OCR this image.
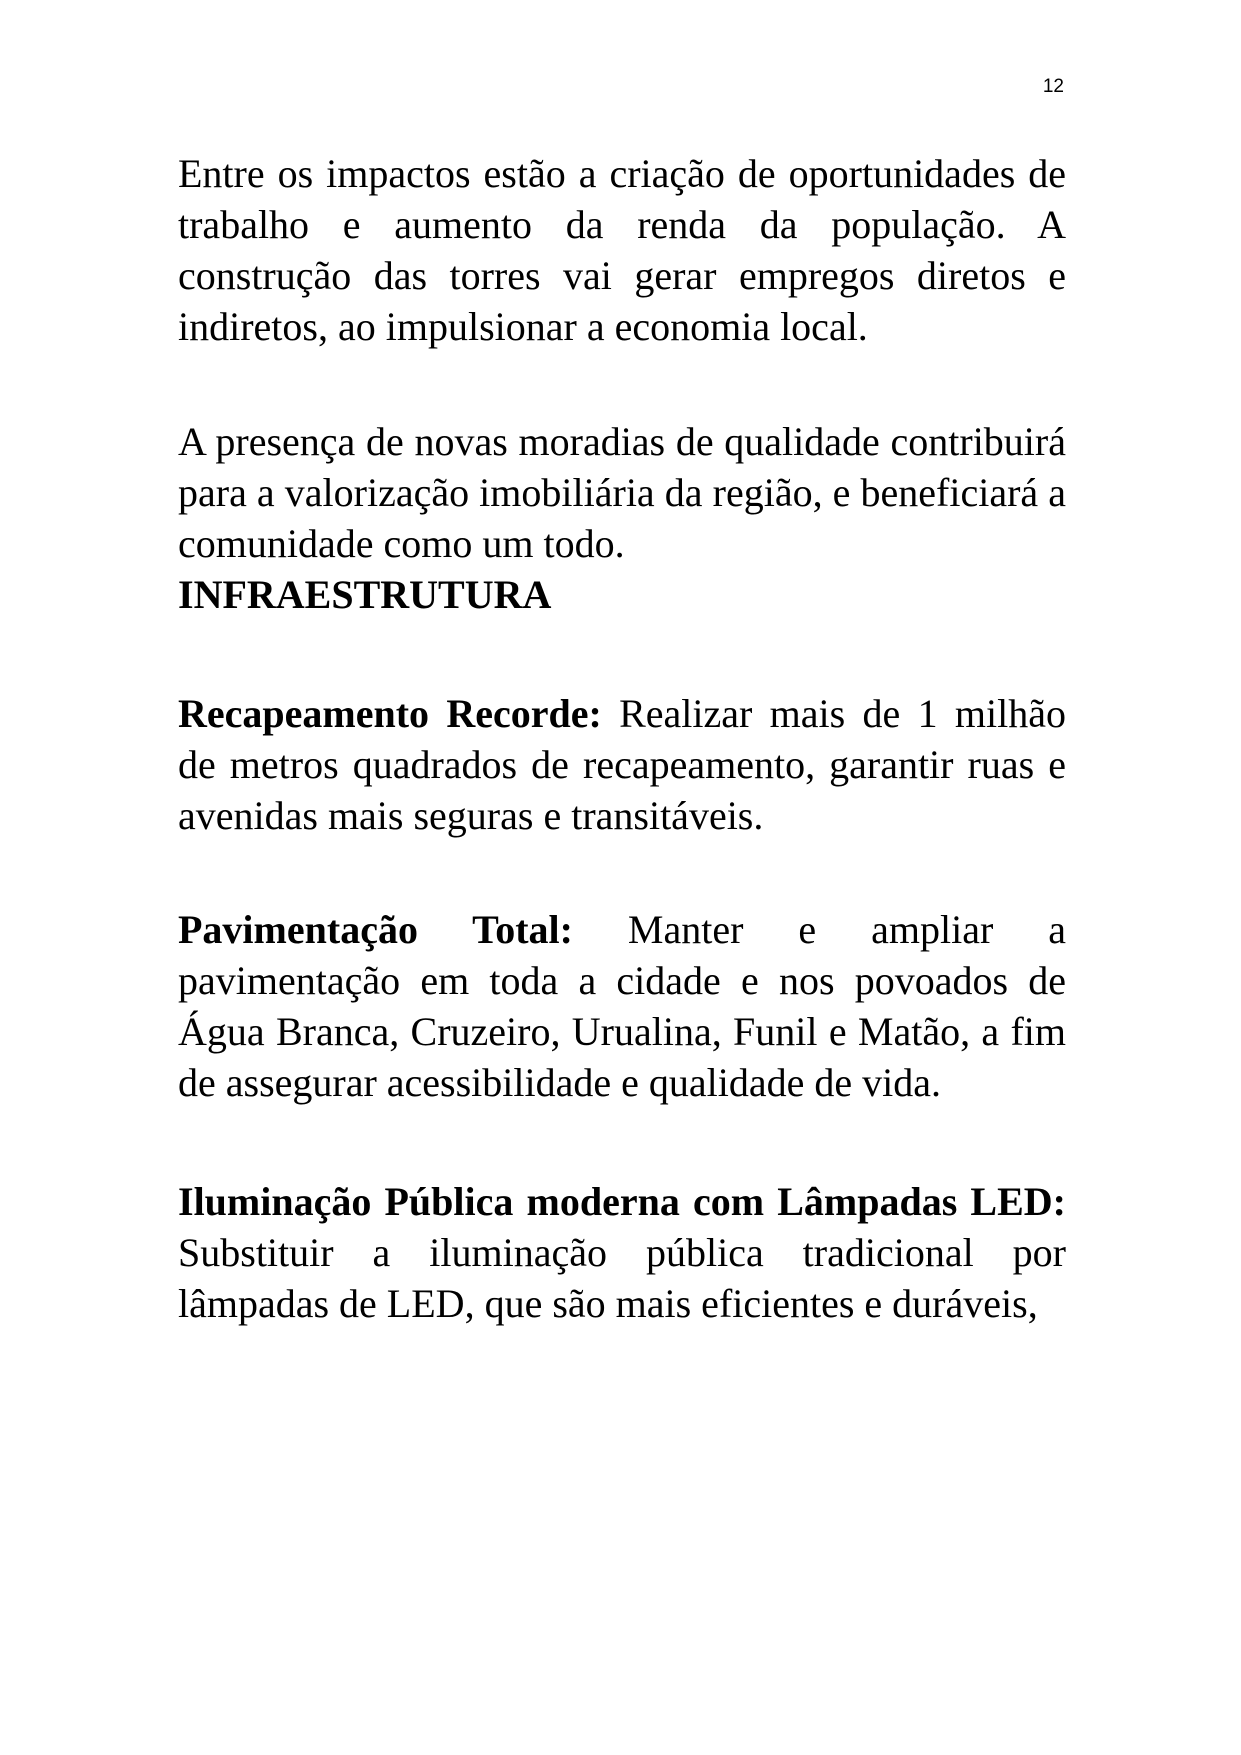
12

Entre os impactos estão a criação de oportunidades de trabalho e aumento da renda da população. A construção das torres vai gerar empregos diretos e indiretos, ao impulsionar a economia local.

A presença de novas moradias de qualidade contribuirá para a valorização imobiliária da região, e beneficiará a comunidade como um todo.

INFRAESTRUTURA

Recapeamento Recorde: Realizar mais de 1 milhão de metros quadrados de recapeamento, garantir ruas e avenidas mais seguras e transitáveis.

Pavimentação Total: Manter e ampliar a pavimentação em toda a cidade e nos povoados de Água Branca, Cruzeiro, Urualina, Funil e Matão, a fim de assegurar acessibilidade e qualidade de vida.

Iluminação Pública moderna com Lâmpadas LED: Substituir a iluminação pública tradicional por lâmpadas de LED, que são mais eficientes e duráveis,
